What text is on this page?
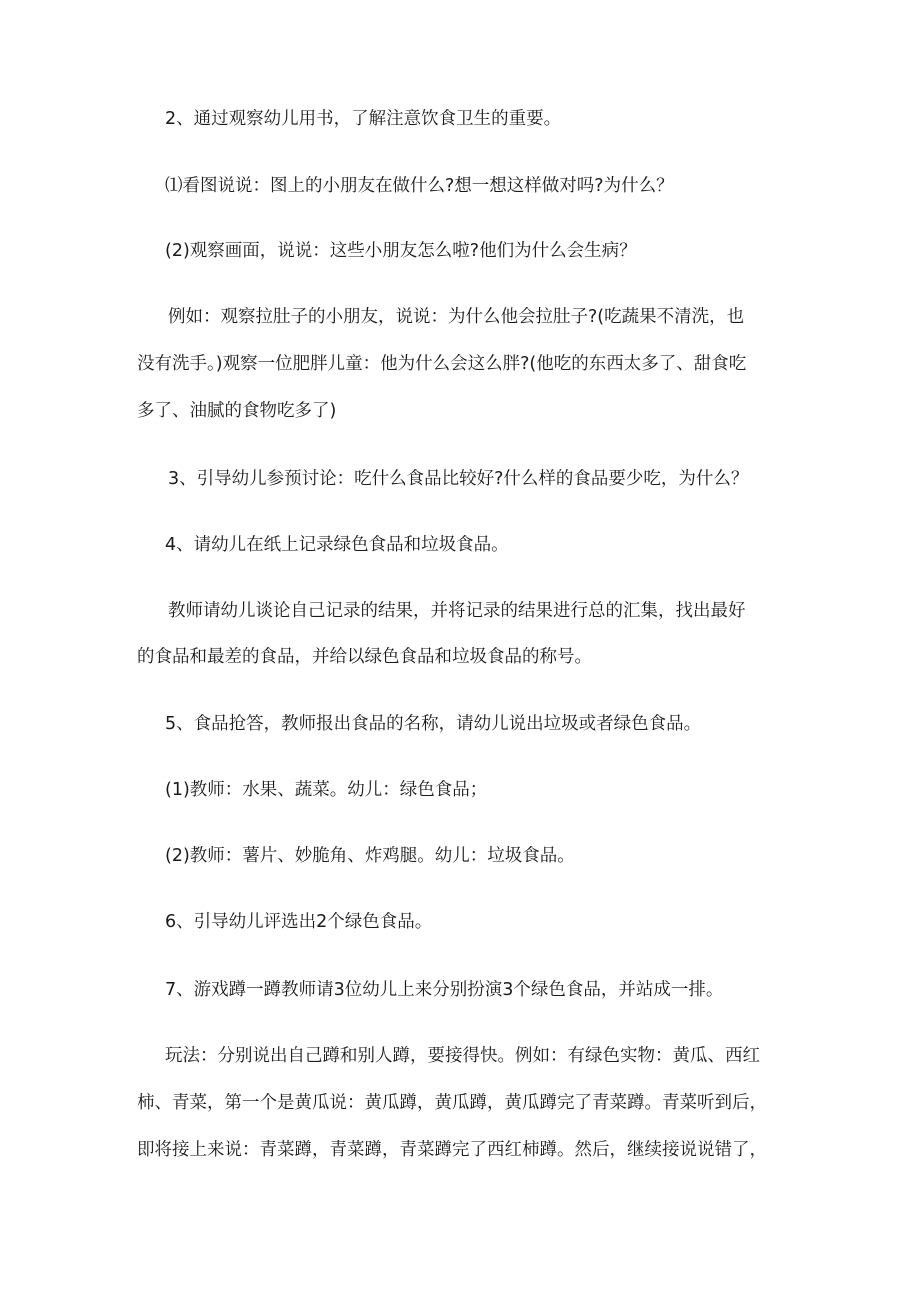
2、通过观察幼儿用书，了解注意饮食卫生的重要。
⑴看图说说：图上的小朋友在做什么?想一想这样做对吗?为什么？
(2)观察画面，说说：这些小朋友怎么啦?他们为什么会生病？
例如：观察拉肚子的小朋友，说说：为什么他会拉肚子?(吃蔬果不清洗，也
没有洗手。)观察一位肥胖儿童：他为什么会这么胖?(他吃的东西太多了、甜食吃
多了、油腻的食物吃多了)
3、引导幼儿参预讨论：吃什么食品比较好?什么样的食品要少吃，为什么？
4、请幼儿在纸上记录绿色食品和垃圾食品。
教师请幼儿谈论自己记录的结果，并将记录的结果进行总的汇集，找出最好
的食品和最差的食品，并给以绿色食品和垃圾食品的称号。
5、食品抢答，教师报出食品的名称，请幼儿说出垃圾或者绿色食品。
(1)教师：水果、蔬菜。幼儿：绿色食品；
(2)教师：薯片、妙脆角、炸鸡腿。幼儿：垃圾食品。
6、引导幼儿评选出2个绿色食品。
7、游戏蹲一蹲教师请3位幼儿上来分别扮演3个绿色食品，并站成一排。
玩法：分别说出自己蹲和别人蹲，要接得快。例如：有绿色实物：黄瓜、西红
柿、青菜，第一个是黄瓜说：黄瓜蹲，黄瓜蹲，黄瓜蹲完了青菜蹲。青菜听到后，
即将接上来说：青菜蹲，青菜蹲，青菜蹲完了西红柿蹲。然后，继续接说说错了，
